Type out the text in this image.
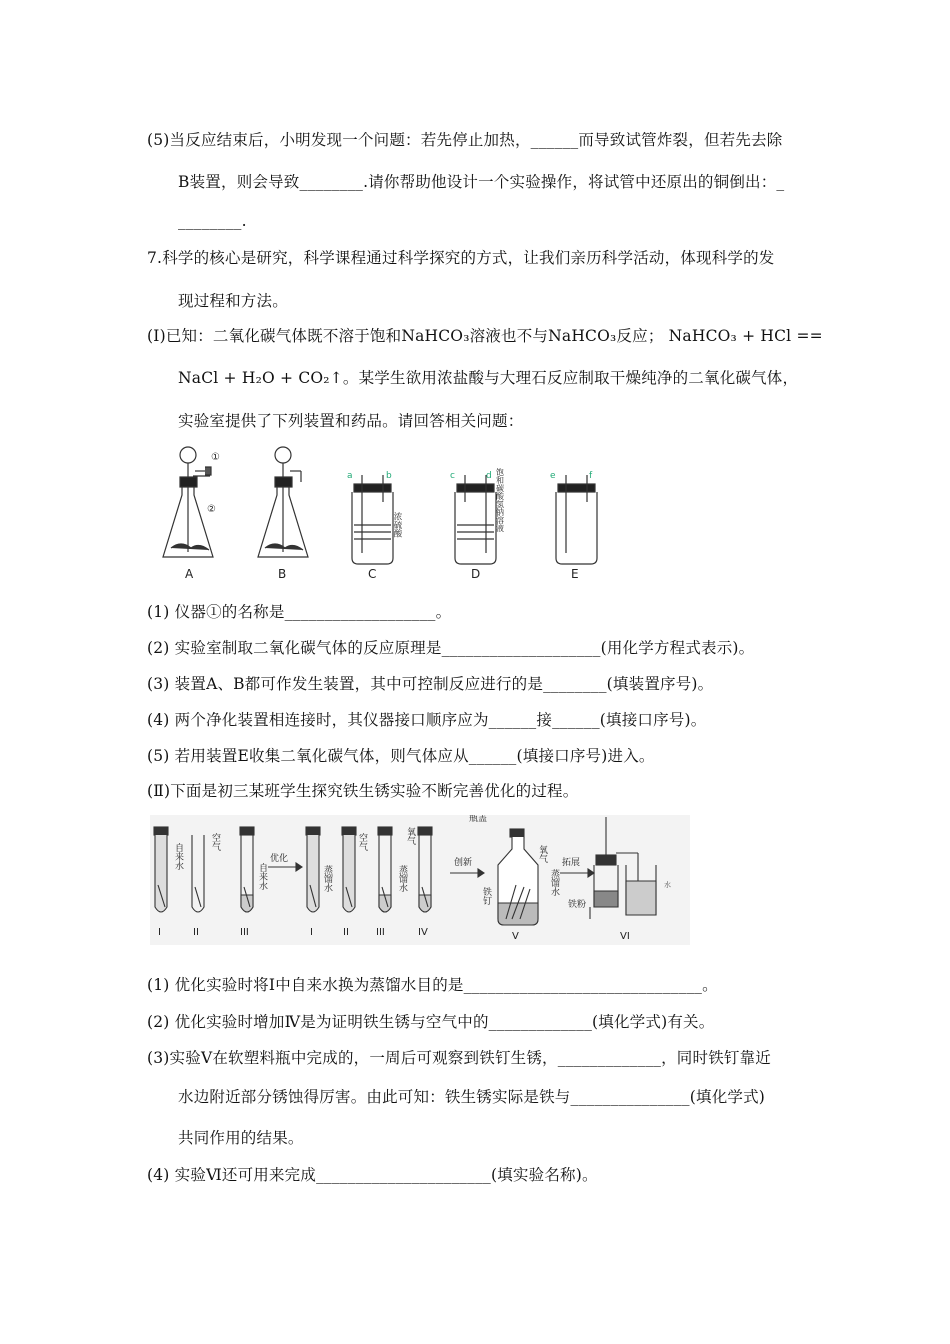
(5)当反应结束后，小明发现一个问题：若先停止加热，______而导致试管炸裂，但若先去除
B装置，则会导致________.请你帮助他设计一个实验操作，将试管中还原出的铜倒出：_
________.
7.科学的核心是研究，科学课程通过科学探究的方式，让我们亲历科学活动，体现科学的发
现过程和方法。
(Ⅰ)已知：二氧化碳气体既不溶于饱和NaHCO₃溶液也不与NaHCO₃反应； NaHCO₃ + HCl ==
NaCl + H₂O + CO₂↑。某学生欲用浓盐酸与大理石反应制取干燥纯净的二氧化碳气体，
实验室提供了下列装置和药品。请回答相关问题：
①
②
A	B
a	b
浓硫酸
C
c	d 饱和碳酸氢钠溶液
D
e	f
E
(1) 仪器①的名称是___________________。
(2) 实验室制取二氧化碳气体的反应原理是____________________(用化学方程式表示)。
(3) 装置A、B都可作发生装置，其中可控制反应进行的是________(填装置序号)。
(4) 两个净化装置相连接时，其仪器接口顺序应为______接______(填接口序号)。
(5) 若用装置E收集二氧化碳气体，则气体应从______(填接口序号)进入。
(Ⅱ)下面是初三某班学生探究铁生锈实验不断完善优化的过程。
I
自来水
II
空气
III
自来水
优化
I	II
蒸馏水
空气
III
蒸馏水
IV
氧气
创新
V
瓶盖
铁钉
氧气
蒸馏水
拓展
VI
铁粉
水
(1) 优化实验时将Ⅰ中自来水换为蒸馏水目的是______________________________。
(2) 优化实验时增加Ⅳ是为证明铁生锈与空气中的_____________(填化学式)有关。
(3)实验Ⅴ在软塑料瓶中完成的，一周后可观察到铁钉生锈，_____________，同时铁钉靠近
水边附近部分锈蚀得厉害。由此可知：铁生锈实际是铁与_______________(填化学式)
共同作用的结果。
(4) 实验Ⅵ还可用来完成______________________(填实验名称)。
